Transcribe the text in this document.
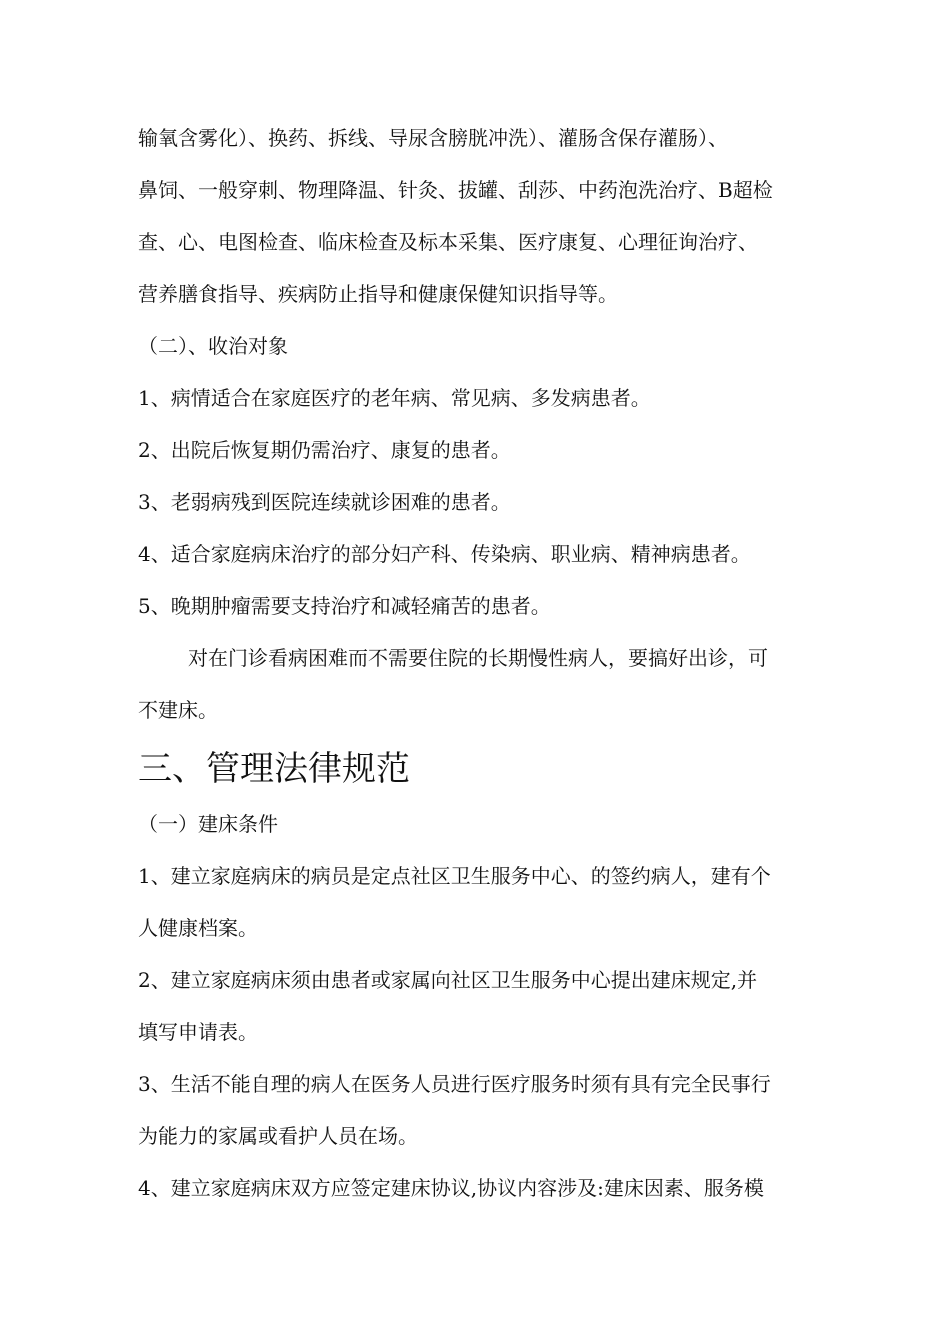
输氧含雾化）、换药、拆线、导尿含膀胱冲洗）、灌肠含保存灌肠）、

鼻饲、一般穿刺、物理降温、针灸、拔罐、刮莎、中药泡洗治疗、B超检

查、心、电图检查、临床检查及标本采集、医疗康复、心理征询治疗、

营养膳食指导、疾病防止指导和健康保健知识指导等。

（二）、收治对象

1、病情适合在家庭医疗的老年病、常见病、多发病患者。

2、出院后恢复期仍需治疗、康复的患者。

3、老弱病残到医院连续就诊困难的患者。

4、适合家庭病床治疗的部分妇产科、传染病、职业病、精神病患者。

5、晚期肿瘤需要支持治疗和减轻痛苦的患者。

对在门诊看病困难而不需要住院的长期慢性病人，要搞好出诊，可

不建床。

三、管理法律规范

（一）建床条件

1、建立家庭病床的病员是定点社区卫生服务中心、的签约病人，建有个

人健康档案。

2、建立家庭病床须由患者或家属向社区卫生服务中心提出建床规定,并

填写申请表。

3、生活不能自理的病人在医务人员进行医疗服务时须有具有完全民事行

为能力的家属或看护人员在场。

4、建立家庭病床双方应签定建床协议,协议内容涉及:建床因素、服务模
